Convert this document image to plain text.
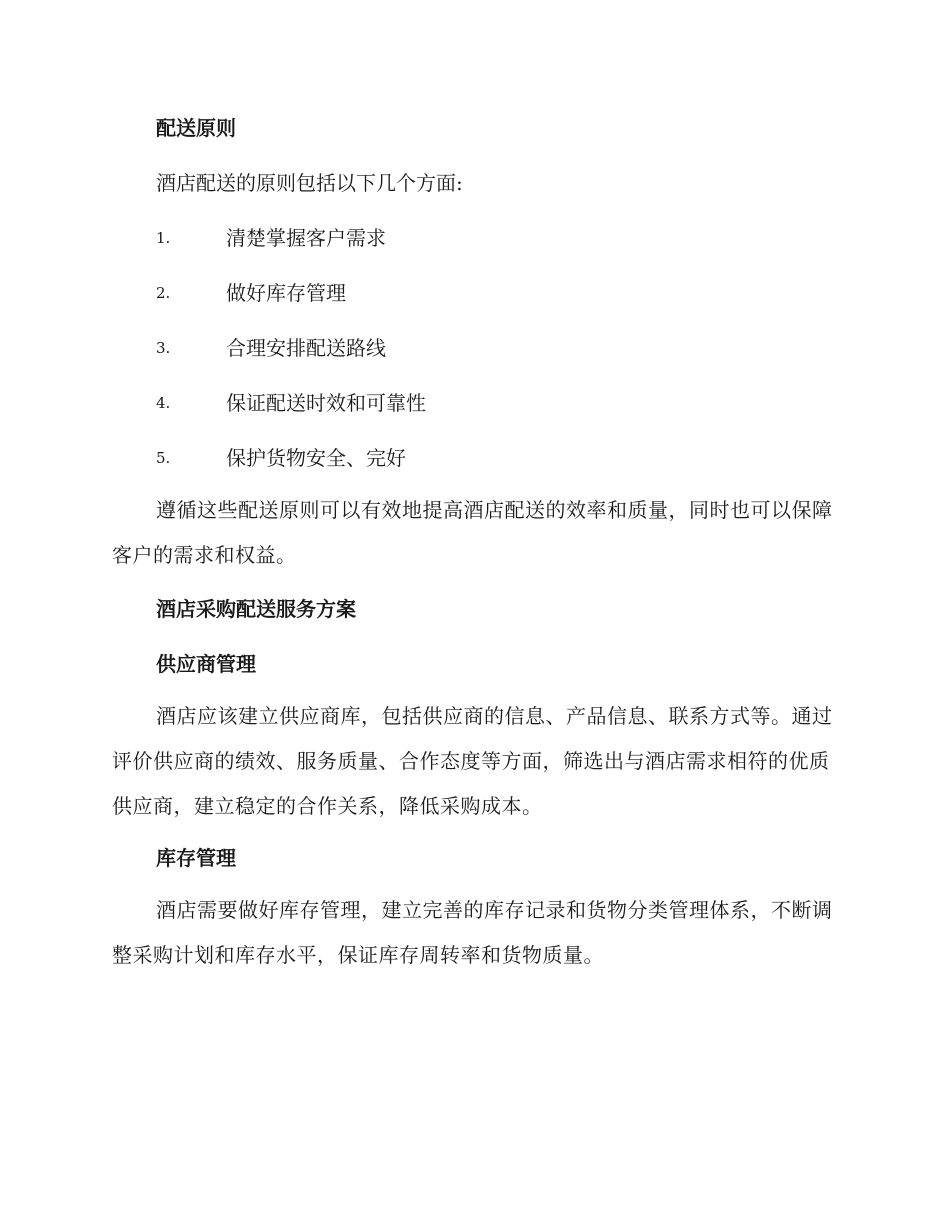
配送原则
酒店配送的原则包括以下几个方面:
1.	清楚掌握客户需求
2.	做好库存管理
3.	合理安排配送路线
4.	保证配送时效和可靠性
5.	保护货物安全、完好
遵循这些配送原则可以有效地提高酒店配送的效率和质量，同时也可以保障客户的需求和权益。
酒店采购配送服务方案
供应商管理
酒店应该建立供应商库，包括供应商的信息、产品信息、联系方式等。通过评价供应商的绩效、服务质量、合作态度等方面，筛选出与酒店需求相符的优质供应商，建立稳定的合作关系，降低采购成本。
库存管理
酒店需要做好库存管理，建立完善的库存记录和货物分类管理体系，不断调整采购计划和库存水平，保证库存周转率和货物质量。
